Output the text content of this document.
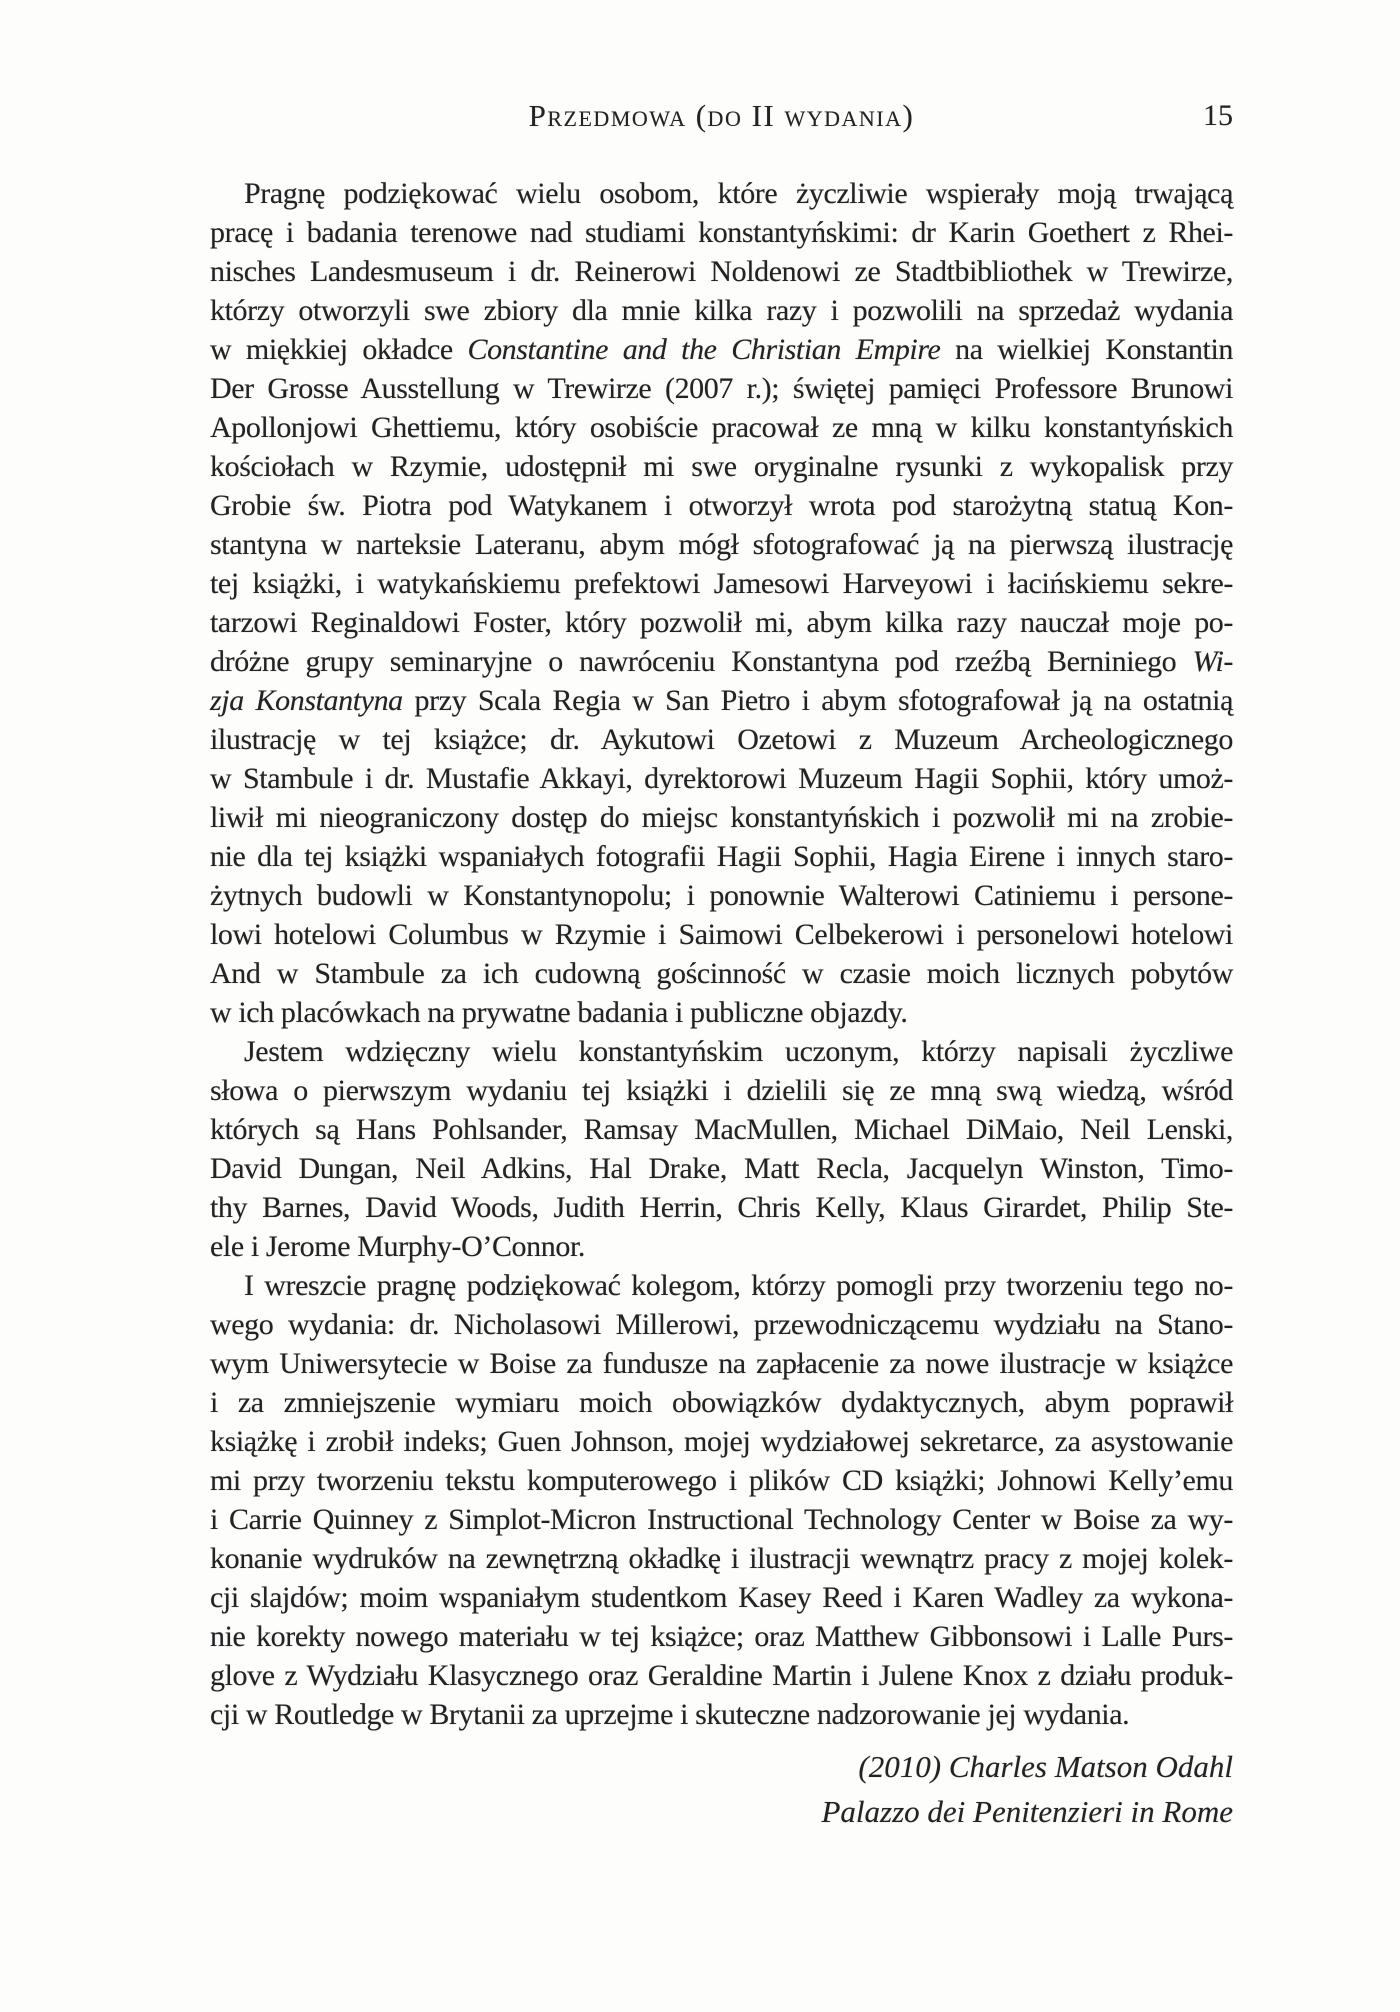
Przedmowa (do II wydania)	15
Pragnę podziękować wielu osobom, które życzliwie wspierały moją trwającą
pracę i badania terenowe nad studiami konstantyńskimi: dr Karin Goethert z Rhei-
nisches Landesmuseum i dr. Reinerowi Noldenowi ze Stadtbibliothek w Trewirze,
którzy otworzyli swe zbiory dla mnie kilka razy i pozwolili na sprzedaż wydania
w miękkiej okładce Constantine and the Christian Empire na wielkiej Konstantin
Der Grosse Ausstellung w Trewirze (2007 r.); świętej pamięci Professore Brunowi
Apollonjowi Ghettiemu, który osobiście pracował ze mną w kilku konstantyńskich
kościołach w Rzymie, udostępnił mi swe oryginalne rysunki z wykopalisk przy
Grobie św. Piotra pod Watykanem i otworzył wrota pod starożytną statuą Kon-
stantyna w narteksie Lateranu, abym mógł sfotografować ją na pierwszą ilustrację
tej książki, i watykańskiemu prefektowi Jamesowi Harveyowi i łacińskiemu sekre-
tarzowi Reginaldowi Foster, który pozwolił mi, abym kilka razy nauczał moje po-
dróżne grupy seminaryjne o nawróceniu Konstantyna pod rzeźbą Berniniego Wi-
zja Konstantyna przy Scala Regia w San Pietro i abym sfotografował ją na ostatnią
ilustrację w tej książce; dr. Aykutowi Ozetowi z Muzeum Archeologicznego
w Stambule i dr. Mustafie Akkayi, dyrektorowi Muzeum Hagii Sophii, który umoż-
liwił mi nieograniczony dostęp do miejsc konstantyńskich i pozwolił mi na zrobie-
nie dla tej książki wspaniałych fotografii Hagii Sophii, Hagia Eirene i innych staro-
żytnych budowli w Konstantynopolu; i ponownie Walterowi Catiniemu i persone-
lowi hotelowi Columbus w Rzymie i Saimowi Celbekerowi i personelowi hotelowi
And w Stambule za ich cudowną gościnność w czasie moich licznych pobytów
w ich placówkach na prywatne badania i publiczne objazdy.
Jestem wdzięczny wielu konstantyńskim uczonym, którzy napisali życzliwe
słowa o pierwszym wydaniu tej książki i dzielili się ze mną swą wiedzą, wśród
których są Hans Pohlsander, Ramsay MacMullen, Michael DiMaio, Neil Lenski,
David Dungan, Neil Adkins, Hal Drake, Matt Recla, Jacquelyn Winston, Timo-
thy Barnes, David Woods, Judith Herrin, Chris Kelly, Klaus Girardet, Philip Ste-
ele i Jerome Murphy-O’Connor.
I wreszcie pragnę podziękować kolegom, którzy pomogli przy tworzeniu tego no-
wego wydania: dr. Nicholasowi Millerowi, przewodniczącemu wydziału na Stano-
wym Uniwersytecie w Boise za fundusze na zapłacenie za nowe ilustracje w książce
i za zmniejszenie wymiaru moich obowiązków dydaktycznych, abym poprawił
książkę i zrobił indeks; Guen Johnson, mojej wydziałowej sekretarce, za asystowanie
mi przy tworzeniu tekstu komputerowego i plików CD książki; Johnowi Kelly’emu
i Carrie Quinney z Simplot-Micron Instructional Technology Center w Boise za wy-
konanie wydruków na zewnętrzną okładkę i ilustracji wewnątrz pracy z mojej kolek-
cji slajdów; moim wspaniałym studentkom Kasey Reed i Karen Wadley za wykona-
nie korekty nowego materiału w tej książce; oraz Matthew Gibbonsowi i Lalle Purs-
glove z Wydziału Klasycznego oraz Geraldine Martin i Julene Knox z działu produk-
cji w Routledge w Brytanii za uprzejme i skuteczne nadzorowanie jej wydania.
(2010) Charles Matson Odahl
Palazzo dei Penitenzieri in Rome
